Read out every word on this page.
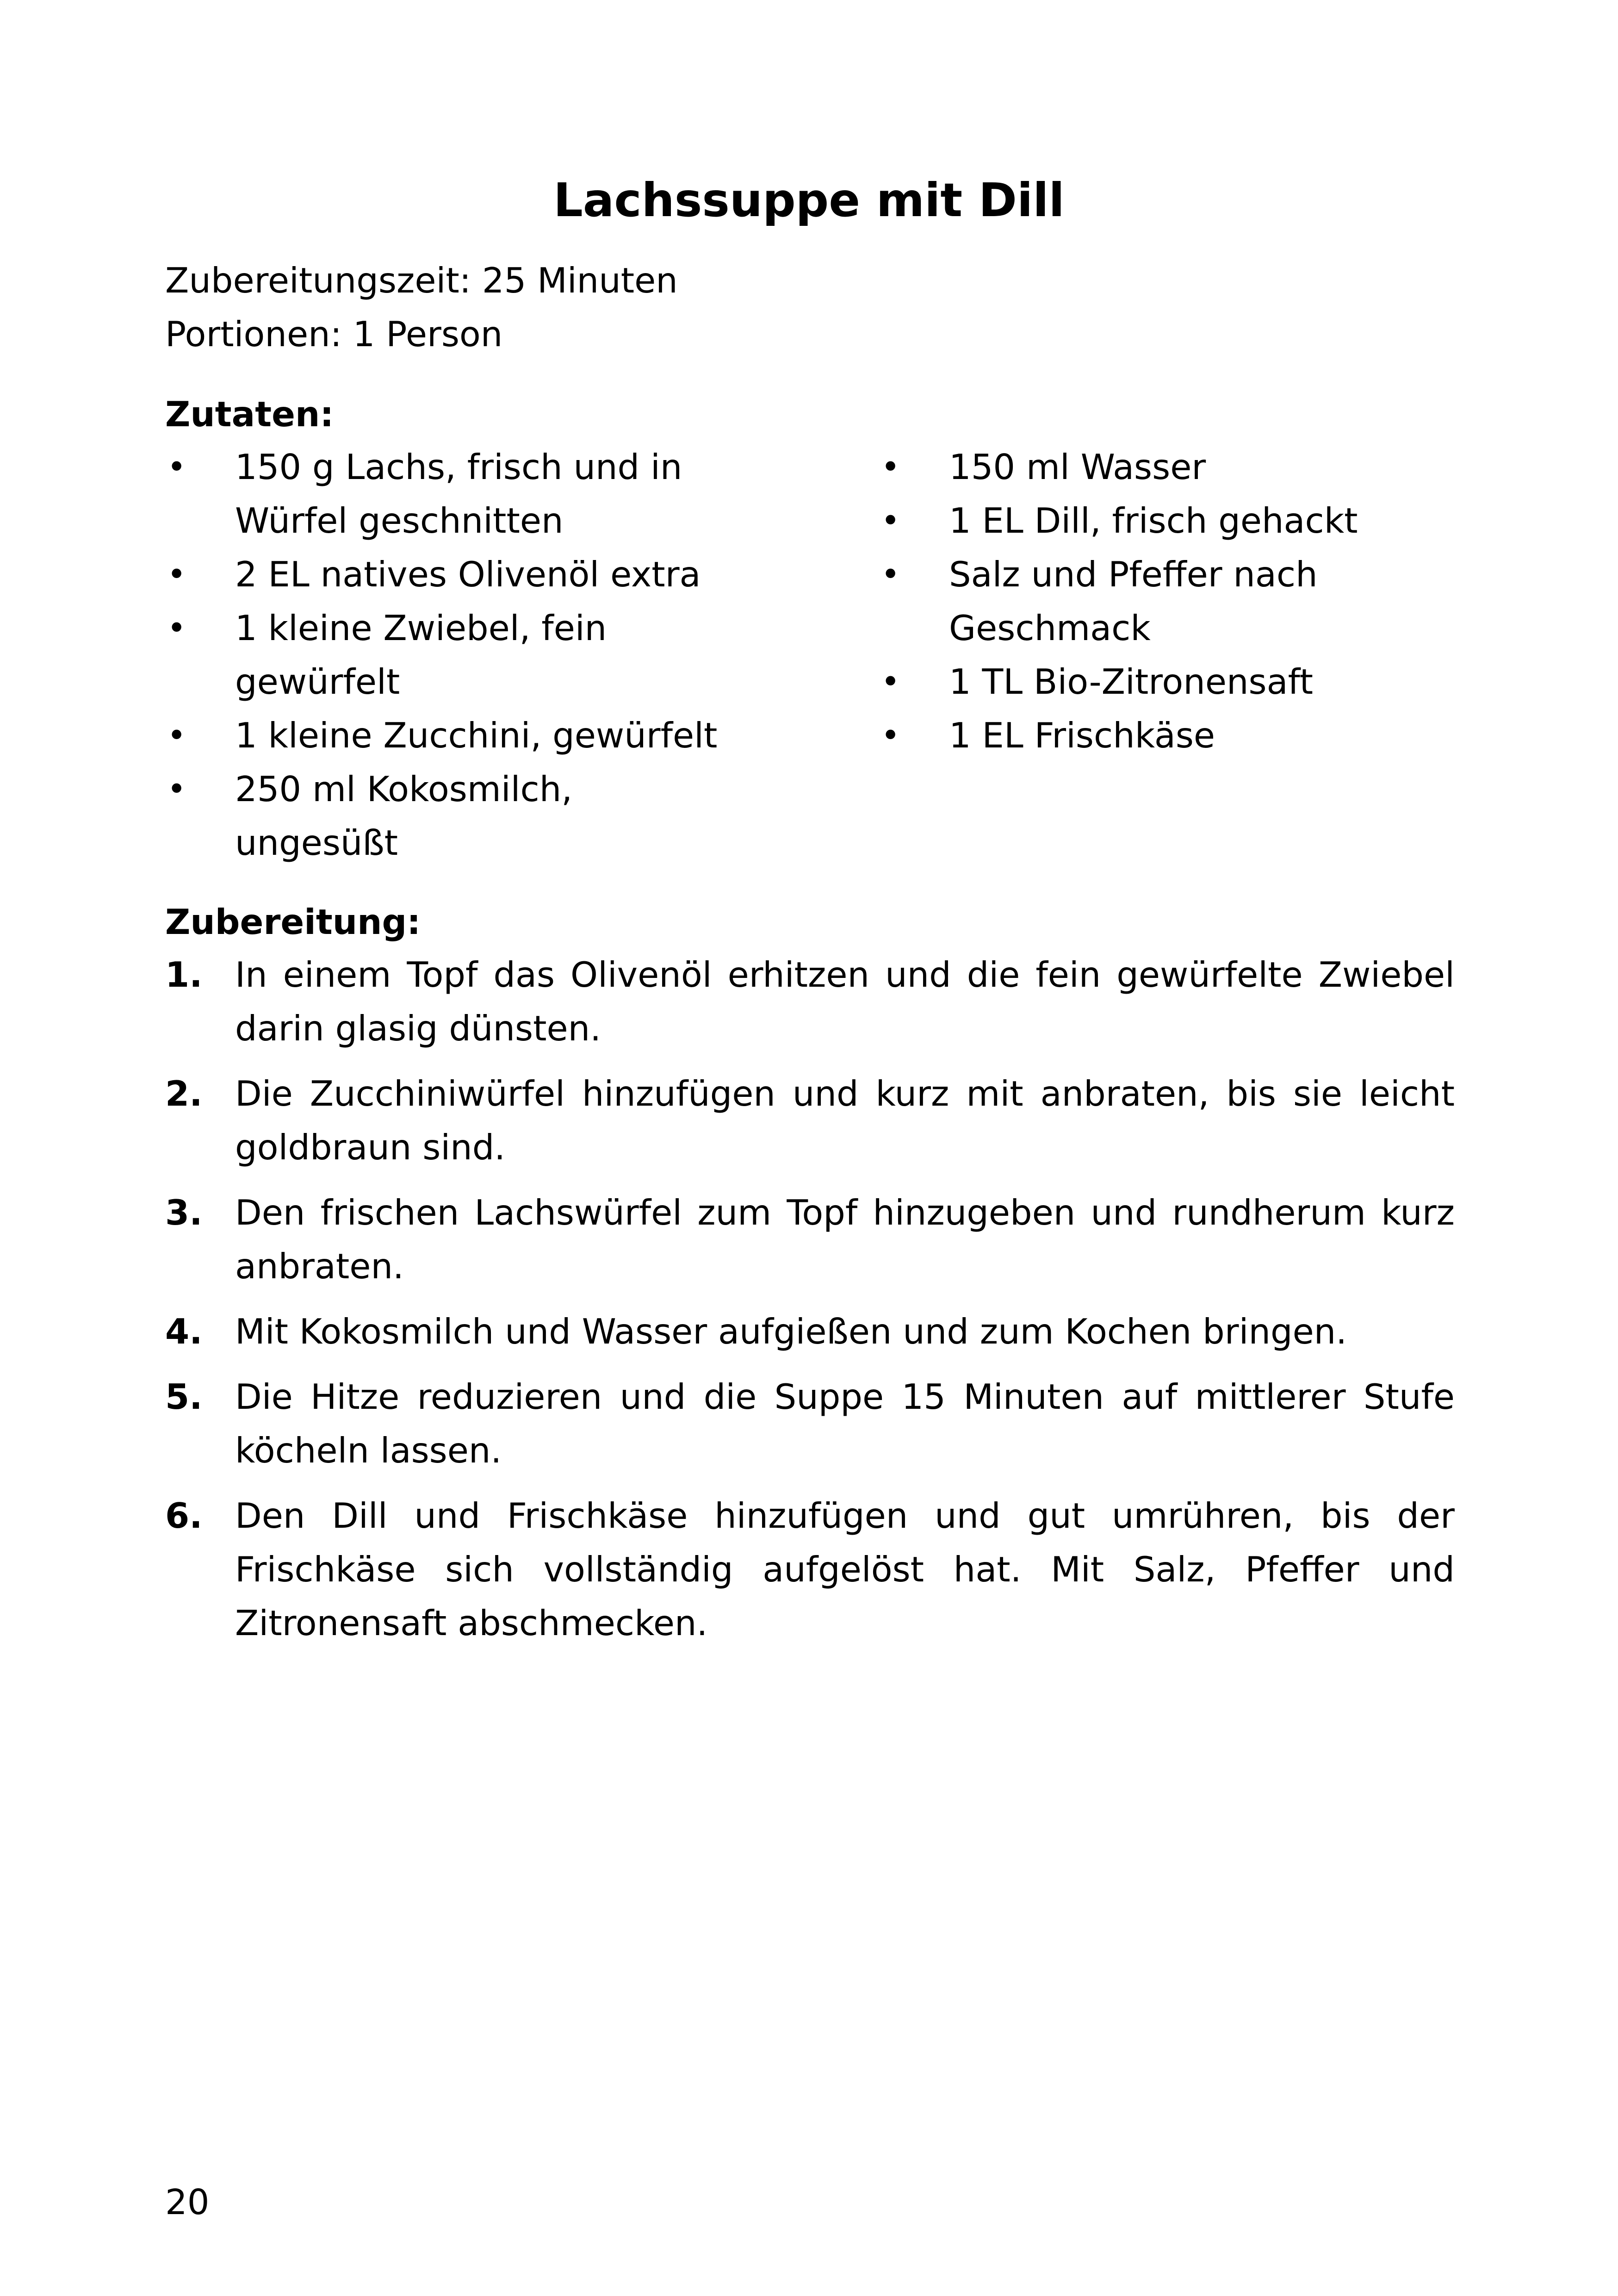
Lachssuppe mit Dill
Zubereitungszeit: 25 Minuten
Portionen: 1 Person
Zutaten:
• 150 g Lachs, frisch und in Würfel geschnitten
• 2 EL natives Olivenöl extra
• 1 kleine Zwiebel, fein gewürfelt
• 1 kleine Zucchini, gewürfelt
• 250 ml Kokosmilch, ungesüßt
• 150 ml Wasser
• 1 EL Dill, frisch gehackt
• Salz und Pfeffer nach Geschmack
• 1 TL Bio-Zitronensaft
• 1 EL Frischkäse
Zubereitung:
1. In einem Topf das Olivenöl erhitzen und die fein gewürfelte Zwiebel darin glasig dünsten.
2. Die Zucchiniwürfel hinzufügen und kurz mit anbraten, bis sie leicht goldbraun sind.
3. Den frischen Lachswürfel zum Topf hinzugeben und rundherum kurz anbraten.
4. Mit Kokosmilch und Wasser aufgießen und zum Kochen bringen.
5. Die Hitze reduzieren und die Suppe 15 Minuten auf mittlerer Stufe köcheln lassen.
6. Den Dill und Frischkäse hinzufügen und gut umrühren, bis der Frischkäse sich vollständig aufgelöst hat. Mit Salz, Pfeffer und Zitronensaft abschmecken.
20
